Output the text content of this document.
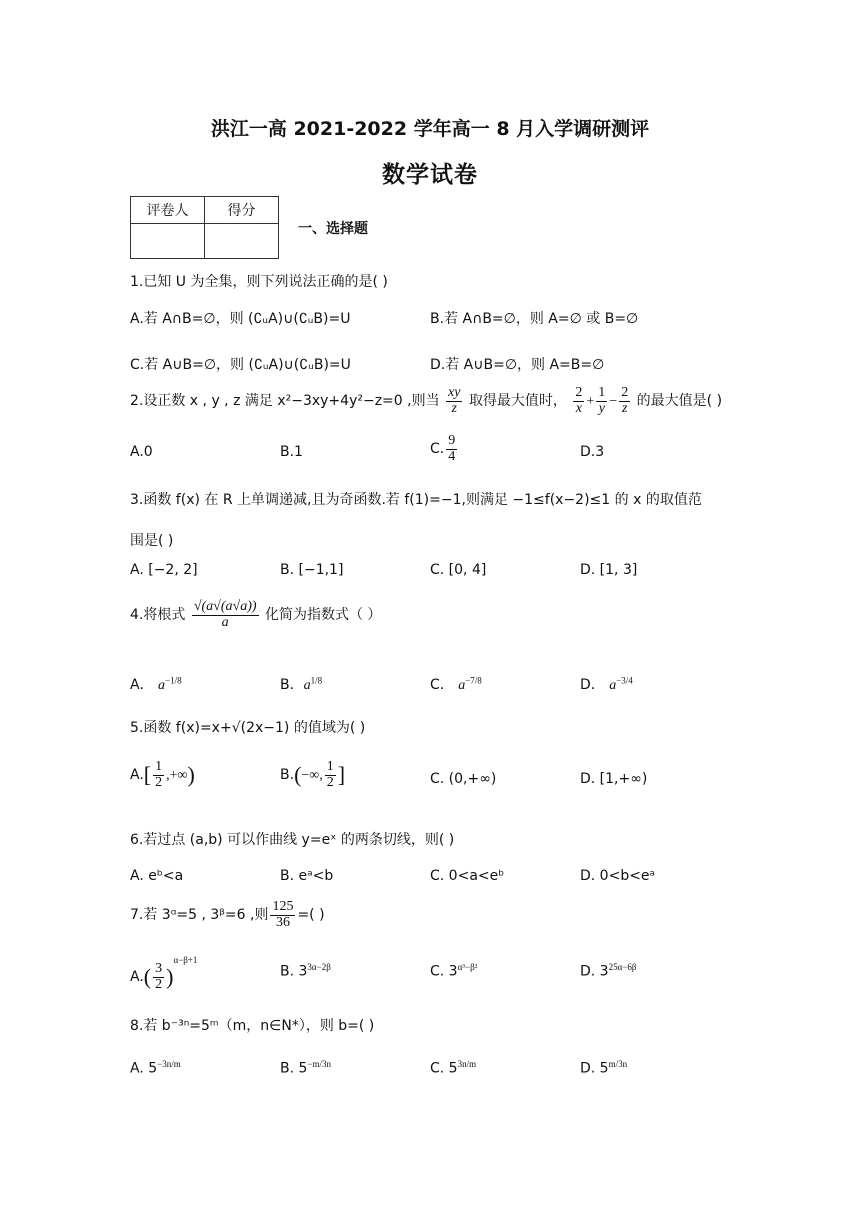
洪江一高 2021-2022 学年高一 8 月入学调研测评
数学试卷
评卷人	得分

一、选择题
1.已知 U 为全集，则下列说法正确的是( )
A.若 A∩B=∅，则 (∁ᵤA)∪(∁ᵤB)=U	B.若 A∩B=∅，则 A=∅ 或 B=∅
C.若 A∪B=∅，则 (∁ᵤA)∪(∁ᵤB)=U	D.若 A∪B=∅，则 A=B=∅
2.设正数 x , y , z 满足 x²−3xy+4y²−z=0 ,则当 $\frac{xy}{z}$ 取得最大值时， $\frac{2}{x} + \frac{1}{y} - \frac{2}{z}$ 的最大值是( )
A.0	B.1	C. $\frac{9}{4}$	D.3
3.函数 f(x) 在 R 上单调递减,且为奇函数.若 f(1)=−1,则满足 −1≤f(x−2)≤1 的 x 的取值范
围是( )
A. [−2, 2]	B. [−1,1]	C. [0, 4]	D. [1, 3]
4.将根式 $\frac{√(a√(a√a))}{a}$ 化简为指数式（ ）
A． $a^{-1/8}$	B．$a^{1/8}$	C． $a^{-7/8}$	D． $a^{-3/4}$
5.函数 f(x)=x+√(2x−1) 的值域为( )
$A.[ \frac{1}{2}$ ,+∞)	B.(−∞, $\frac{1}{2}$ ]	C. (0,+∞)	D. [1,+∞)
6.若过点 (a,b) 可以作曲线 y=eˣ 的两条切线，则( )
A. eᵇ<a	B. eᵃ<b	C. 0<a<eᵇ	D. 0<b<eᵃ
7.若 3ᵅ=5 , 3ᵝ=6 ,则 $\frac{125}{36}$ =( )
$A.( \frac{3}{2} )^{\alpha-\beta+1}$
B. $3^{3\alpha-2\beta}$	C. $3^{\alpha^3-\beta^2}$	D. $3^{25\alpha-6\beta}$
8.若 b⁻³ⁿ=5ᵐ（m，n∈N*），则 b=( )
A. $5^{-3n/m}$	B. $5^{-m/3n}$	C. $5^{3n/m}$	D. $5^{m/3n}$
